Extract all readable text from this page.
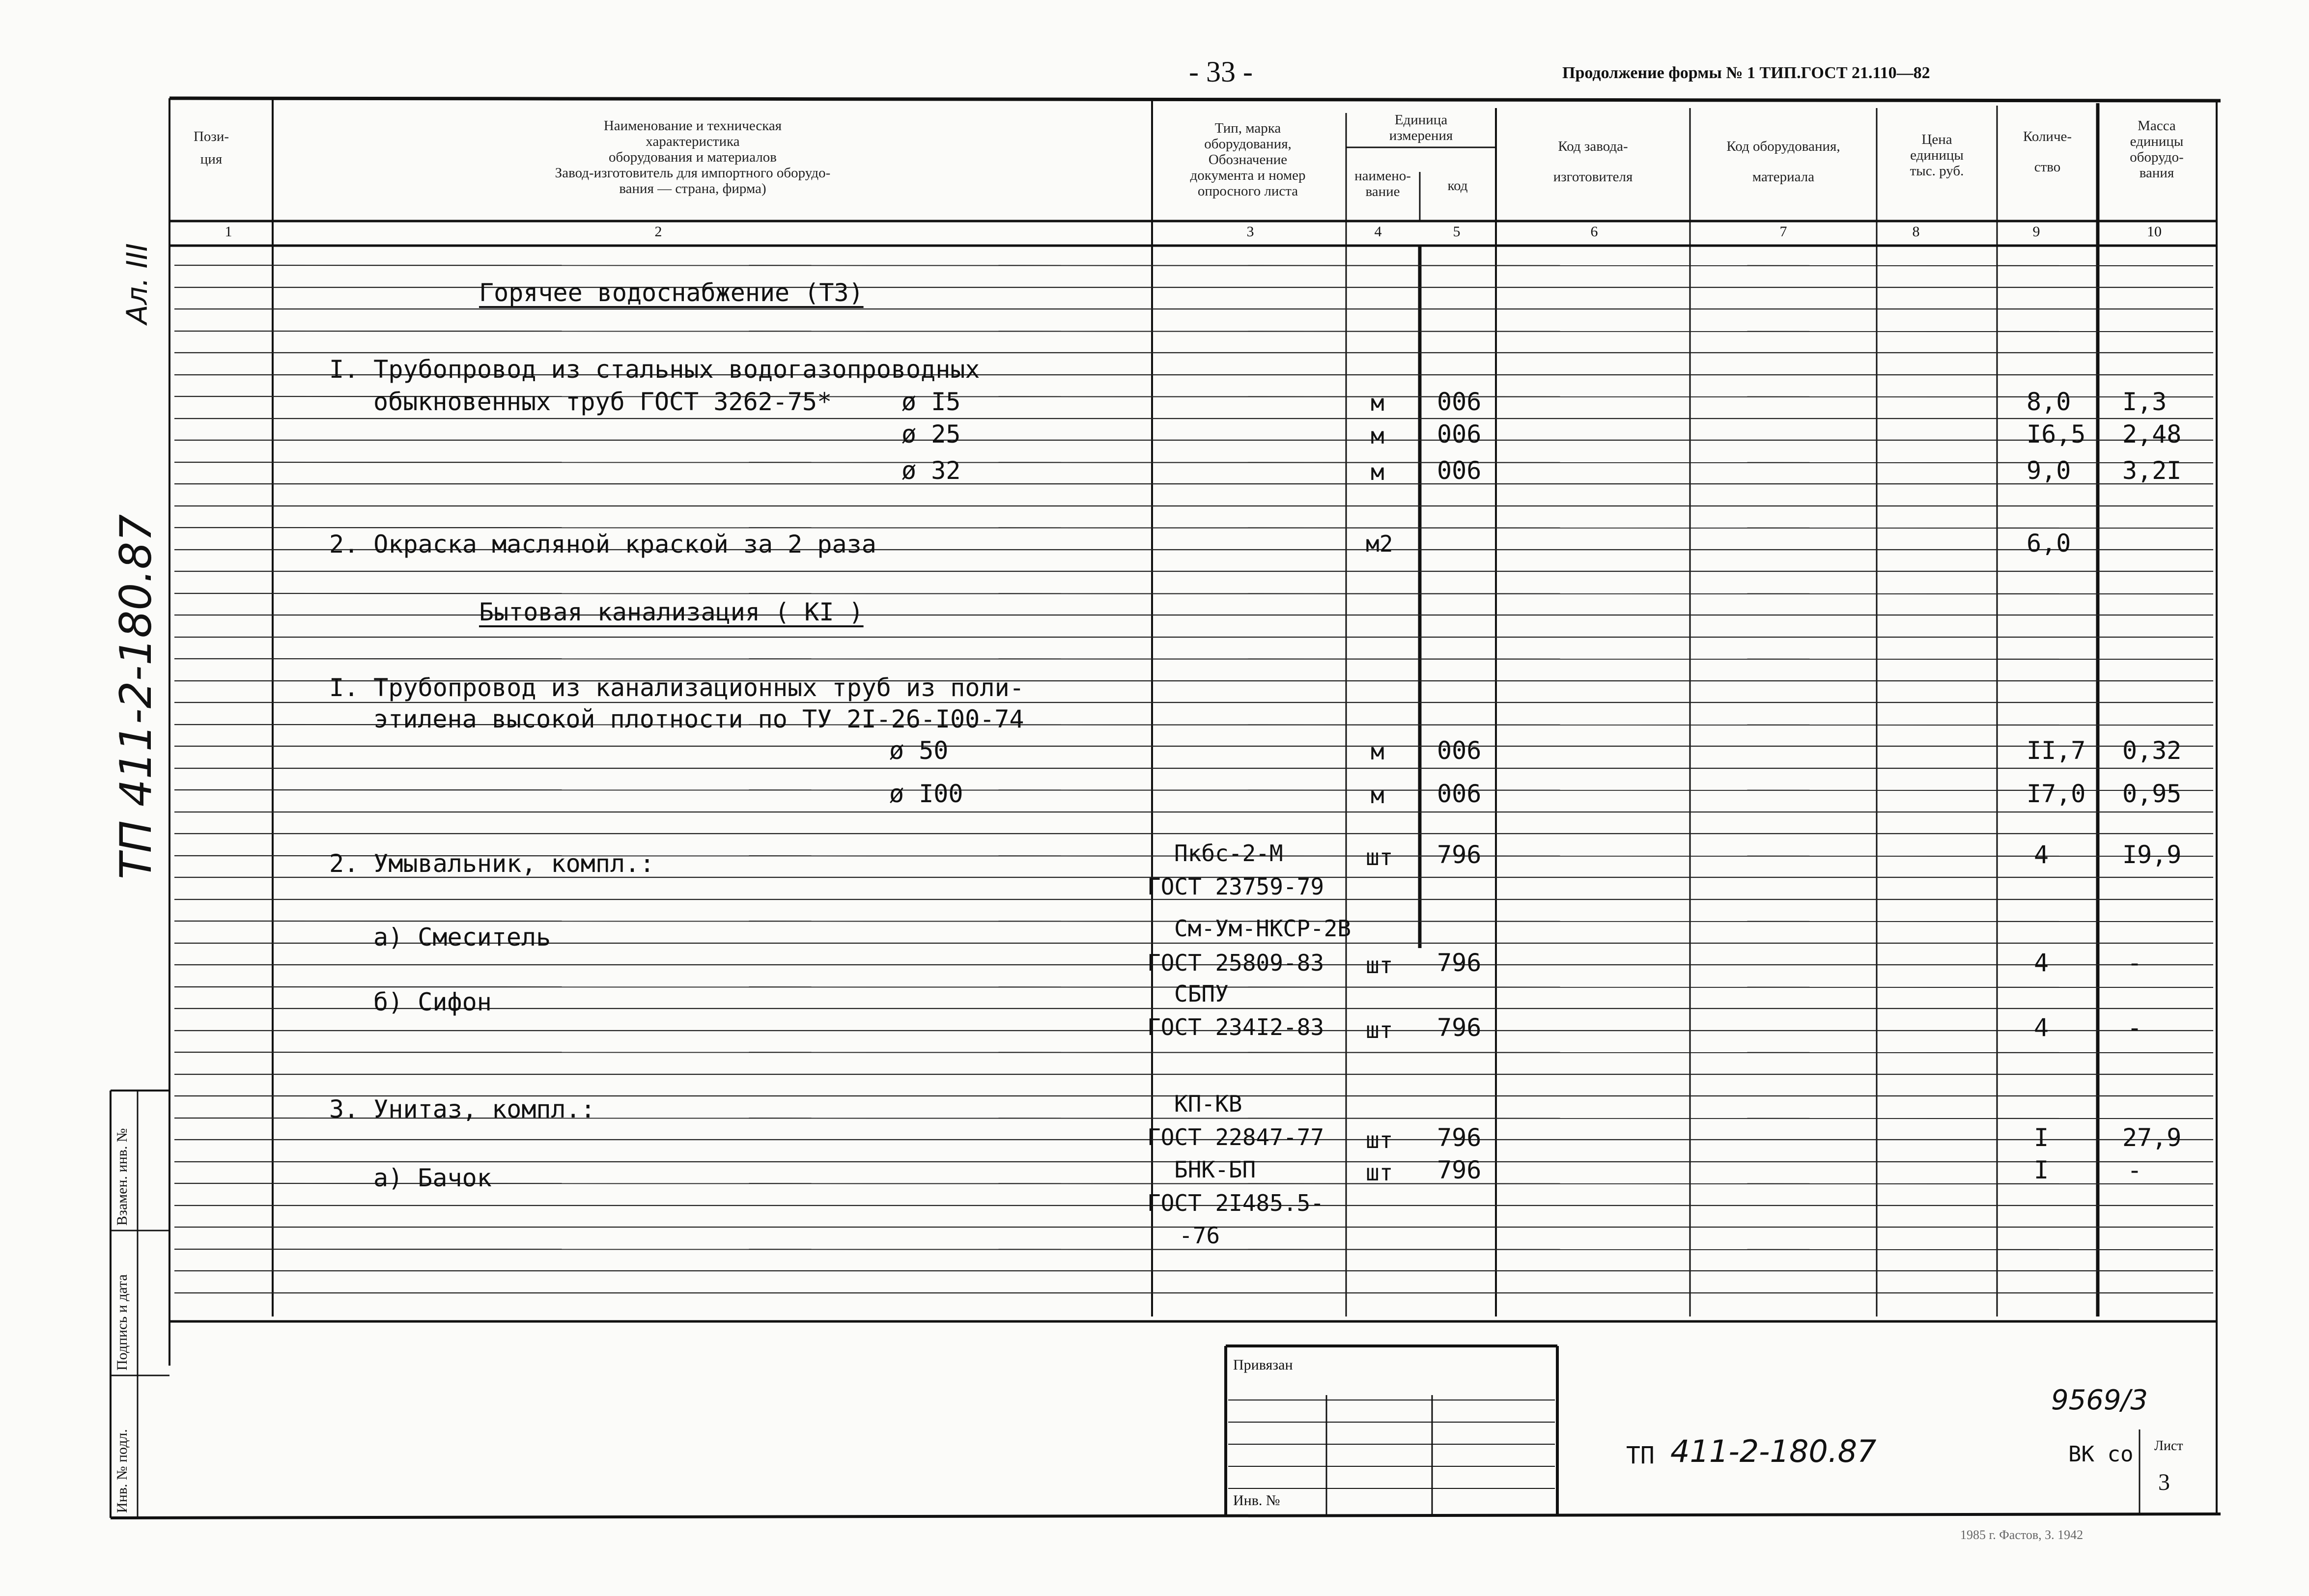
- 33 -	Продолжение формы № 1 ТИП.ГОСТ 21.110—82
Пози-
ция
Наименование и техническая
характеристика
оборудования и материалов
Завод-изготовитель для импортного оборудо-
вания — страна, фирма)
Тип, марка
оборудования,
Обозначение
документа и номер
опросного листа
Единица
измерения
наимено-
вание	код
Код завода-
изготовителя
Код оборудования,
материала
Цена
единицы
тыс. руб.
Количе-
ство
Масса
единицы
оборудо-
вания
1	2	3	4	5	6	7	8	9	10
Горячее водоснабжение (ТЗ)
I. Трубопровод из стальных водогазопроводных
обыкновенных труб ГОСТ 3262-75*	ø I5	м 006	8,0 I,3
ø 25	м 006	I6,5 2,48
ø 32	м 006	9,0 3,2I
2. Окраска масляной краской за 2 раза	м2	6,0
Бытовая канализация ( КI )
I. Трубопровод из канализационных труб из поли-
этилена высокой плотности по ТУ 2I-26-I00-74
ø 50	м 006	II,7 0,32
ø I00	м 006	I7,0 0,95
2. Умывальник, компл.:	Пкбс-2-М
ГОСТ 23759-79
шт 796	4	I9,9
а) Смеситель	См-Ум-НКСР-2В
ГОСТ 25809-83 шт 796	4	-
б) Сифон	СБПУ
ГОСТ 234I2-83 шт 796	4	-
3. Унитаз, компл.:	КП-КВ
ГОСТ 22847-77 шт 796	I	27,9
а) Бачок	БНК-БП
ГОСТ 2I485.5-
-76
шт 796	I	-
Ал. III
ТП 411-2-180.87
Взамен. инв. №
Подпись и дата
Инв. № подл.
Привязан
Инв. №
ТП 411-2-180.87
9569/3
ВК со Лист
3
1985 г. Фастов, З. 1942
